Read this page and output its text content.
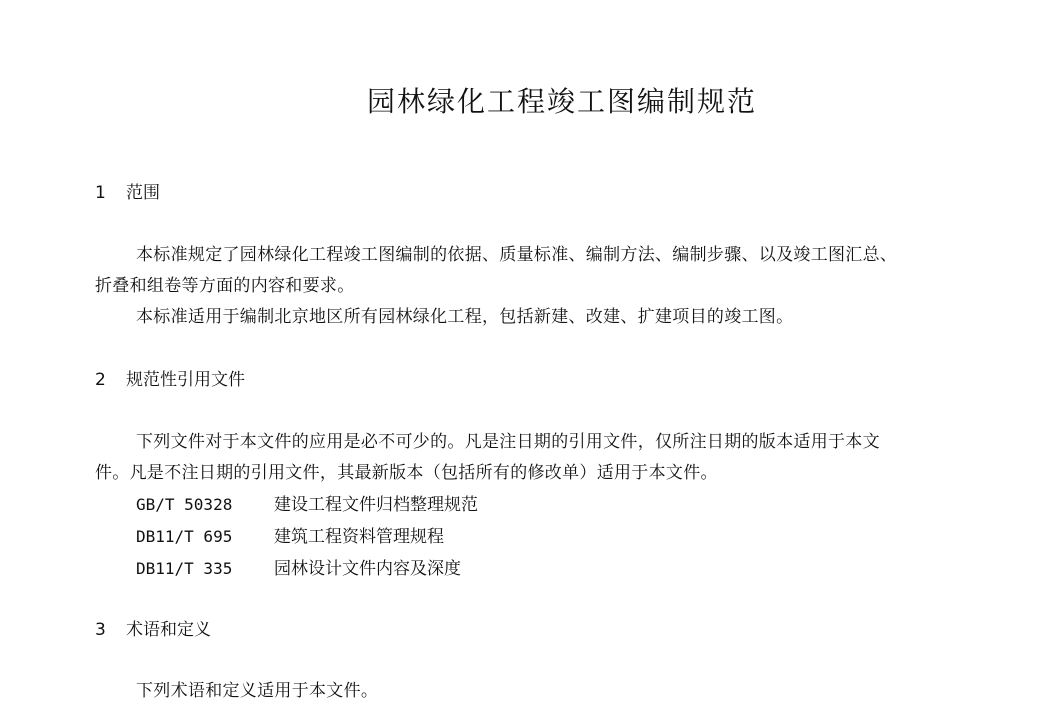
园林绿化工程竣工图编制规范
1 范围
本标准规定了园林绿化工程竣工图编制的依据、质量标准、编制方法、编制步骤、以及竣工图汇总、
折叠和组卷等方面的内容和要求。
本标准适用于编制北京地区所有园林绿化工程，包括新建、改建、扩建项目的竣工图。
2 规范性引用文件
下列文件对于本文件的应用是必不可少的。凡是注日期的引用文件，仅所注日期的版本适用于本文
件。凡是不注日期的引用文件，其最新版本（包括所有的修改单）适用于本文件。
GB/T 50328 建设工程文件归档整理规范
DB11/T 695 建筑工程资料管理规程
DB11/T 335 园林设计文件内容及深度
3 术语和定义
下列术语和定义适用于本文件。
